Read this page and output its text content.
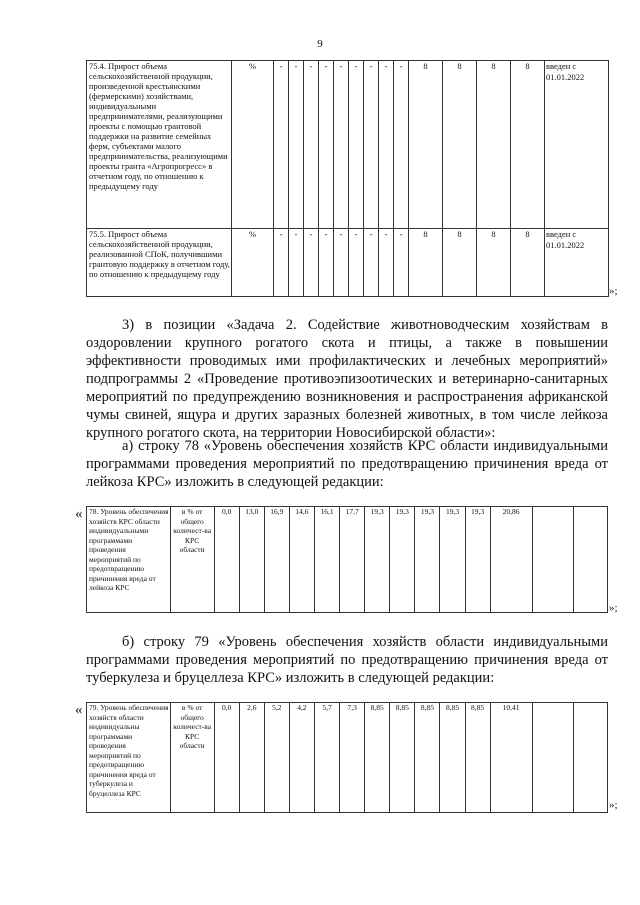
9
75.4. Прирост объема сельскохозяйственной продукции, произведенной крестьянскими (фермерскими) хозяйствами, индивидуальными предпринимателями, реализующими проекты с помощью грантовой поддержки на развитие семейных ферм, субъектами малого предпринимательства, реализующими проекты гранта «Агропрогресс» в отчетном году, по отношению к предыдущему году	%	-	-	-	-	-	-	-	-	-	8	8	8	8	введен с 01.01.2022
75.5. Прирост объема сельскохозяйственной продукции, реализованной СПоК, получившими грантовую поддержку в отчетном году, по отношению к предыдущему году	%	-	-	-	-	-	-	-	-	-	8	8	8	8	введен с 01.01.2022
»;

3) в позиции «Задача 2. Содействие животноводческим хозяйствам в оздоровлении крупного рогатого скота и птицы, а также в повышении эффективности проводимых ими профилактических и лечебных мероприятий» подпрограммы 2 «Проведение противоэпизоотических и ветеринарно-санитарных мероприятий по предупреждению возникновения и распространения африканской чумы свиней, ящура и других заразных болезней животных, в том числе лейкоза крупного рогатого скота, на территории Новосибирской области»:

а) строку 78 «Уровень обеспечения хозяйств КРС области индивидуальными программами проведения мероприятий по предотвращению причинения вреда от лейкоза КРС» изложить в следующей редакции:

« 78. Уровень обеспечения хозяйств КРС области индивидуальными программами проведения мероприятий по предотвращению причинения вреда от лейкоза КРС	в % от общего количест-ва КРС области	0,0	13,0	16,9	14,6	16,1	17,7	19,3	19,3	19,3	19,3	19,3	20,86		
»;

б) строку 79 «Уровень обеспечения хозяйств области индивидуальными программами проведения мероприятий по предотвращению причинения вреда от туберкулеза и бруцеллеза КРС» изложить в следующей редакции:

« 79. Уровень обеспечения хозяйств области индивидуальны программами проведения мероприятий по предотвращению причинения вреда от туберкулеза и бруцеллеза КРС	в % от общего количест-ва КРС области	0,0	2,6	5,2	4,2	5,7	7,3	8,85	8,85	8,85	8,85	8,85	10,41		
»;
